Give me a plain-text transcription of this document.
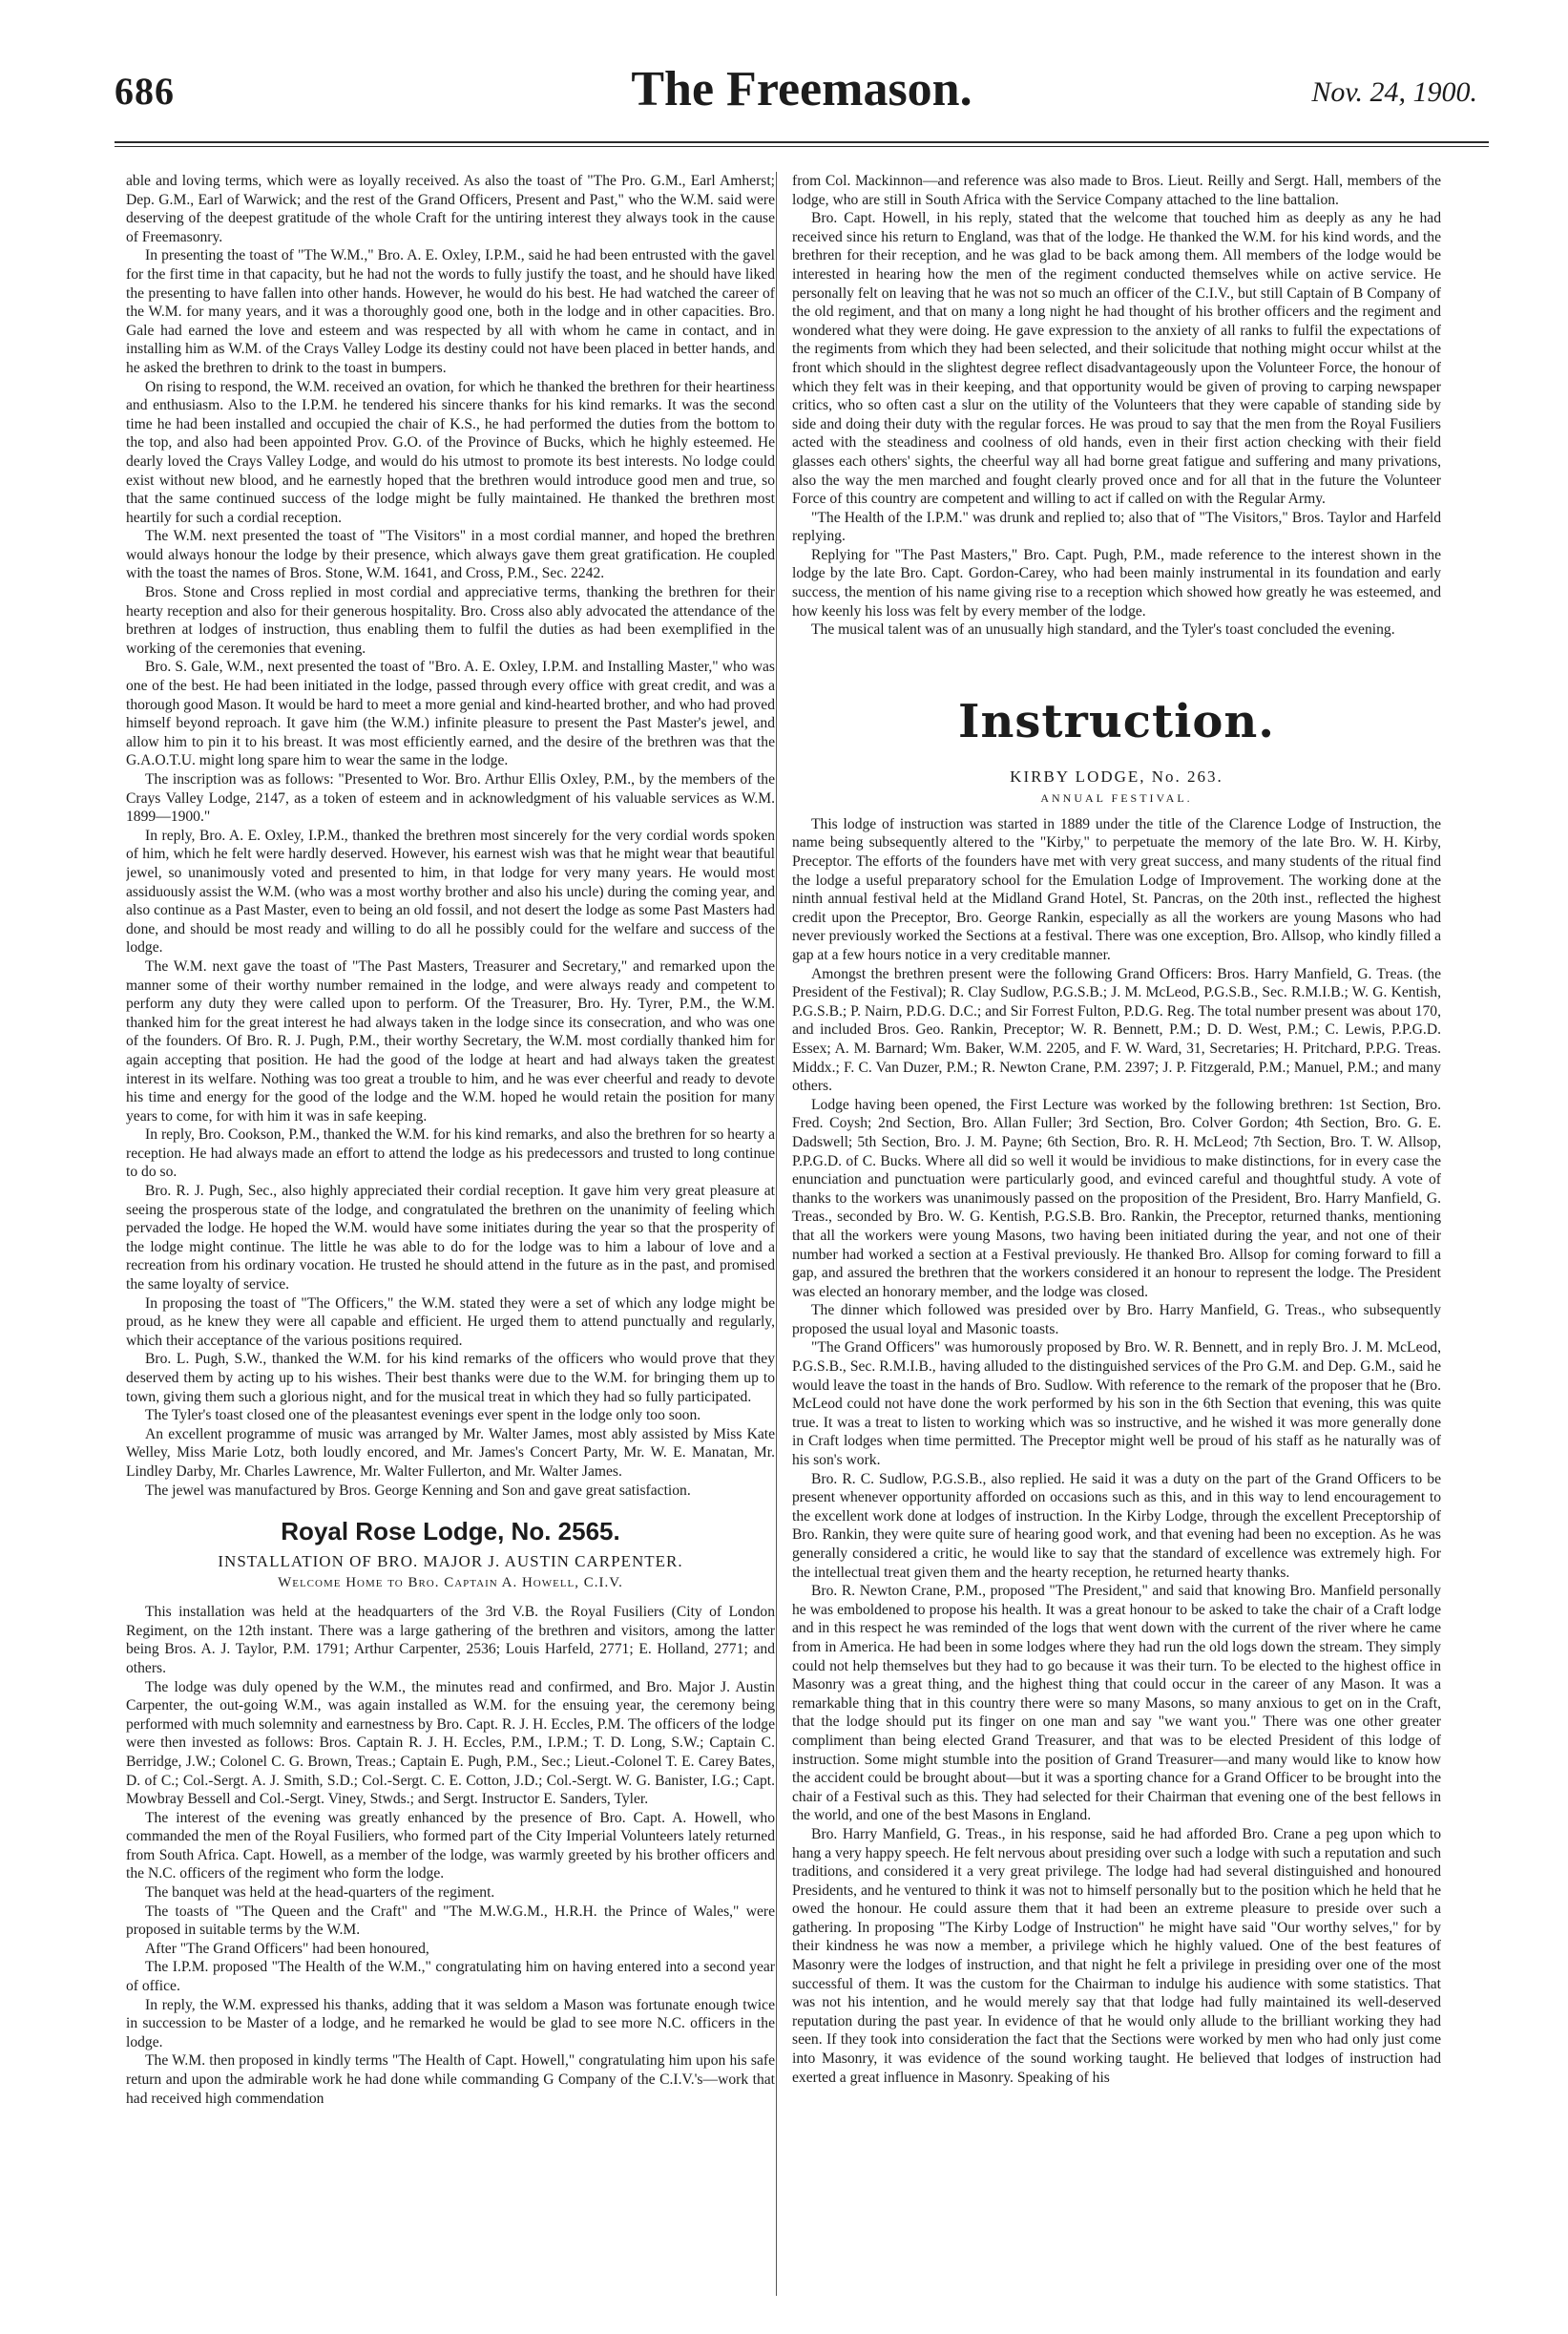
686	The Freemason.	Nov. 24, 1900.

able and loving terms, which were as loyally received. As also the toast of "The Pro. G.M., Earl Amherst; Dep. G.M., Earl of Warwick; and the rest of the Grand Officers, Present and Past," who the W.M. said were deserving of the deepest gratitude of the whole Craft for the untiring interest they always took in the cause of Freemasonry.

In presenting the toast of "The W.M.," Bro. A. E. Oxley, I.P.M., said he had been entrusted with the gavel for the first time in that capacity, but he had not the words to fully justify the toast, and he should have liked the presenting to have fallen into other hands. However, he would do his best. He had watched the career of the W.M. for many years, and it was a thoroughly good one, both in the lodge and in other capacities. Bro. Gale had earned the love and esteem and was respected by all with whom he came in contact, and in installing him as W.M. of the Crays Valley Lodge its destiny could not have been placed in better hands, and he asked the brethren to drink to the toast in bumpers.

On rising to respond, the W.M. received an ovation, for which he thanked the brethren for their heartiness and enthusiasm. Also to the I.P.M. he tendered his sincere thanks for his kind remarks. It was the second time he had been installed and occupied the chair of K.S., he had performed the duties from the bottom to the top, and also had been appointed Prov. G.O. of the Province of Bucks, which he highly esteemed. He dearly loved the Crays Valley Lodge, and would do his utmost to promote its best interests. No lodge could exist without new blood, and he earnestly hoped that the brethren would introduce good men and true, so that the same continued success of the lodge might be fully maintained. He thanked the brethren most heartily for such a cordial reception.

The W.M. next presented the toast of "The Visitors" in a most cordial manner, and hoped the brethren would always honour the lodge by their presence, which always gave them great gratification. He coupled with the toast the names of Bros. Stone, W.M. 1641, and Cross, P.M., Sec. 2242.

Bros. Stone and Cross replied in most cordial and appreciative terms, thanking the brethren for their hearty reception and also for their generous hospitality. Bro. Cross also ably advocated the attendance of the brethren at lodges of instruction, thus enabling them to fulfil the duties as had been exemplified in the working of the ceremonies that evening.

Bro. S. Gale, W.M., next presented the toast of "Bro. A. E. Oxley, I.P.M. and Installing Master," who was one of the best. He had been initiated in the lodge, passed through every office with great credit, and was a thorough good Mason. It would be hard to meet a more genial and kind-hearted brother, and who had proved himself beyond reproach. It gave him (the W.M.) infinite pleasure to present the Past Master's jewel, and allow him to pin it to his breast. It was most efficiently earned, and the desire of the brethren was that the G.A.O.T.U. might long spare him to wear the same in the lodge.

The inscription was as follows: "Presented to Wor. Bro. Arthur Ellis Oxley, P.M., by the members of the Crays Valley Lodge, 2147, as a token of esteem and in acknowledgment of his valuable services as W.M. 1899—1900."

In reply, Bro. A. E. Oxley, I.P.M., thanked the brethren most sincerely for the very cordial words spoken of him, which he felt were hardly deserved. However, his earnest wish was that he might wear that beautiful jewel, so unanimously voted and presented to him, in that lodge for very many years. He would most assiduously assist the W.M. (who was a most worthy brother and also his uncle) during the coming year, and also continue as a Past Master, even to being an old fossil, and not desert the lodge as some Past Masters had done, and should be most ready and willing to do all he possibly could for the welfare and success of the lodge.

The W.M. next gave the toast of "The Past Masters, Treasurer and Secretary," and remarked upon the manner some of their worthy number remained in the lodge, and were always ready and competent to perform any duty they were called upon to perform. Of the Treasurer, Bro. Hy. Tyrer, P.M., the W.M. thanked him for the great interest he had always taken in the lodge since its consecration, and who was one of the founders. Of Bro. R. J. Pugh, P.M., their worthy Secretary, the W.M. most cordially thanked him for again accepting that position. He had the good of the lodge at heart and had always taken the greatest interest in its welfare. Nothing was too great a trouble to him, and he was ever cheerful and ready to devote his time and energy for the good of the lodge and the W.M. hoped he would retain the position for many years to come, for with him it was in safe keeping.

In reply, Bro. Cookson, P.M., thanked the W.M. for his kind remarks, and also the brethren for so hearty a reception. He had always made an effort to attend the lodge as his predecessors and trusted to long continue to do so.

Bro. R. J. Pugh, Sec., also highly appreciated their cordial reception. It gave him very great pleasure at seeing the prosperous state of the lodge, and congratulated the brethren on the unanimity of feeling which pervaded the lodge. He hoped the W.M. would have some initiates during the year so that the prosperity of the lodge might continue. The little he was able to do for the lodge was to him a labour of love and a recreation from his ordinary vocation. He trusted he should attend in the future as in the past, and promised the same loyalty of service.

In proposing the toast of "The Officers," the W.M. stated they were a set of which any lodge might be proud, as he knew they were all capable and efficient. He urged them to attend punctually and regularly, which their acceptance of the various positions required.

Bro. L. Pugh, S.W., thanked the W.M. for his kind remarks of the officers who would prove that they deserved them by acting up to his wishes. Their best thanks were due to the W.M. for bringing them up to town, giving them such a glorious night, and for the musical treat in which they had so fully participated.

The Tyler's toast closed one of the pleasantest evenings ever spent in the lodge only too soon.

An excellent programme of music was arranged by Mr. Walter James, most ably assisted by Miss Kate Welley, Miss Marie Lotz, both loudly encored, and Mr. James's Concert Party, Mr. W. E. Manatan, Mr. Lindley Darby, Mr. Charles Lawrence, Mr. Walter Fullerton, and Mr. Walter James.

The jewel was manufactured by Bros. George Kenning and Son and gave great satisfaction.

Royal Rose Lodge, No. 2565.
INSTALLATION OF BRO. MAJOR J. AUSTIN CARPENTER.
Welcome Home to Bro. Captain A. Howell, C.I.V.

This installation was held at the headquarters of the 3rd V.B. the Royal Fusiliers (City of London Regiment, on the 12th instant. There was a large gathering of the brethren and visitors, among the latter being Bros. A. J. Taylor, P.M. 1791; Arthur Carpenter, 2536; Louis Harfeld, 2771; E. Holland, 2771; and others.

The lodge was duly opened by the W.M., the minutes read and confirmed, and Bro. Major J. Austin Carpenter, the out-going W.M., was again installed as W.M. for the ensuing year, the ceremony being performed with much solemnity and earnestness by Bro. Capt. R. J. H. Eccles, P.M. The officers of the lodge were then invested as follows: Bros. Captain R. J. H. Eccles, P.M., I.P.M.; T. D. Long, S.W.; Captain C. Berridge, J.W.; Colonel C. G. Brown, Treas.; Captain E. Pugh, P.M., Sec.; Lieut.-Colonel T. E. Carey Bates, D. of C.; Col.-Sergt. A. J. Smith, S.D.; Col.-Sergt. C. E. Cotton, J.D.; Col.-Sergt. W. G. Banister, I.G.; Capt. Mowbray Bessell and Col.-Sergt. Viney, Stwds.; and Sergt. Instructor E. Sanders, Tyler.

The interest of the evening was greatly enhanced by the presence of Bro. Capt. A. Howell, who commanded the men of the Royal Fusiliers, who formed part of the City Imperial Volunteers lately returned from South Africa. Capt. Howell, as a member of the lodge, was warmly greeted by his brother officers and the N.C. officers of the regiment who form the lodge.

The banquet was held at the head-quarters of the regiment.

The toasts of "The Queen and the Craft" and "The M.W.G.M., H.R.H. the Prince of Wales," were proposed in suitable terms by the W.M.

After "The Grand Officers" had been honoured,

The I.P.M. proposed "The Health of the W.M.," congratulating him on having entered into a second year of office.

In reply, the W.M. expressed his thanks, adding that it was seldom a Mason was fortunate enough twice in succession to be Master of a lodge, and he remarked he would be glad to see more N.C. officers in the lodge.

The W.M. then proposed in kindly terms "The Health of Capt. Howell," congratulating him upon his safe return and upon the admirable work he had done while commanding G Company of the C.I.V.'s—work that had received high commendation

from Col. Mackinnon—and reference was also made to Bros. Lieut. Reilly and Sergt. Hall, members of the lodge, who are still in South Africa with the Service Company attached to the line battalion.

Bro. Capt. Howell, in his reply, stated that the welcome that touched him as deeply as any he had received since his return to England, was that of the lodge. He thanked the W.M. for his kind words, and the brethren for their reception, and he was glad to be back among them. All members of the lodge would be interested in hearing how the men of the regiment conducted themselves while on active service. He personally felt on leaving that he was not so much an officer of the C.I.V., but still Captain of B Company of the old regiment, and that on many a long night he had thought of his brother officers and the regiment and wondered what they were doing. He gave expression to the anxiety of all ranks to fulfil the expectations of the regiments from which they had been selected, and their solicitude that nothing might occur whilst at the front which should in the slightest degree reflect disadvantageously upon the Volunteer Force, the honour of which they felt was in their keeping, and that opportunity would be given of proving to carping newspaper critics, who so often cast a slur on the utility of the Volunteers that they were capable of standing side by side and doing their duty with the regular forces. He was proud to say that the men from the Royal Fusiliers acted with the steadiness and coolness of old hands, even in their first action checking with their field glasses each others' sights, the cheerful way all had borne great fatigue and suffering and many privations, also the way the men marched and fought clearly proved once and for all that in the future the Volunteer Force of this country are competent and willing to act if called on with the Regular Army.

"The Health of the I.P.M." was drunk and replied to; also that of "The Visitors," Bros. Taylor and Harfeld replying.

Replying for "The Past Masters," Bro. Capt. Pugh, P.M., made reference to the interest shown in the lodge by the late Bro. Capt. Gordon-Carey, who had been mainly instrumental in its foundation and early success, the mention of his name giving rise to a reception which showed how greatly he was esteemed, and how keenly his loss was felt by every member of the lodge.

The musical talent was of an unusually high standard, and the Tyler's toast concluded the evening.

Instruction.
KIRBY LODGE, No. 263.
ANNUAL FESTIVAL.

This lodge of instruction was started in 1889 under the title of the Clarence Lodge of Instruction, the name being subsequently altered to the "Kirby," to perpetuate the memory of the late Bro. W. H. Kirby, Preceptor. The efforts of the founders have met with very great success, and many students of the ritual find the lodge a useful preparatory school for the Emulation Lodge of Improvement. The working done at the ninth annual festival held at the Midland Grand Hotel, St. Pancras, on the 20th inst., reflected the highest credit upon the Preceptor, Bro. George Rankin, especially as all the workers are young Masons who had never previously worked the Sections at a festival. There was one exception, Bro. Allsop, who kindly filled a gap at a few hours notice in a very creditable manner.

Amongst the brethren present were the following Grand Officers: Bros. Harry Manfield, G. Treas. (the President of the Festival); R. Clay Sudlow, P.G.S.B.; J. M. McLeod, P.G.S.B., Sec. R.M.I.B.; W. G. Kentish, P.G.S.B.; P. Nairn, P.D.G. D.C.; and Sir Forrest Fulton, P.D.G. Reg. The total number present was about 170, and included Bros. Geo. Rankin, Preceptor; W. R. Bennett, P.M.; D. D. West, P.M.; C. Lewis, P.P.G.D. Essex; A. M. Barnard; Wm. Baker, W.M. 2205, and F. W. Ward, 31, Secretaries; H. Pritchard, P.P.G. Treas. Middx.; F. C. Van Duzer, P.M.; R. Newton Crane, P.M. 2397; J. P. Fitzgerald, P.M.; Manuel, P.M.; and many others.

Lodge having been opened, the First Lecture was worked by the following brethren: 1st Section, Bro. Fred. Coysh; 2nd Section, Bro. Allan Fuller; 3rd Section, Bro. Colver Gordon; 4th Section, Bro. G. E. Dadswell; 5th Section, Bro. J. M. Payne; 6th Section, Bro. R. H. McLeod; 7th Section, Bro. T. W. Allsop, P.P.G.D. of C. Bucks. Where all did so well it would be invidious to make distinctions, for in every case the enunciation and punctuation were particularly good, and evinced careful and thoughtful study. A vote of thanks to the workers was unanimously passed on the proposition of the President, Bro. Harry Manfield, G. Treas., seconded by Bro. W. G. Kentish, P.G.S.B. Bro. Rankin, the Preceptor, returned thanks, mentioning that all the workers were young Masons, two having been initiated during the year, and not one of their number had worked a section at a Festival previously. He thanked Bro. Allsop for coming forward to fill a gap, and assured the brethren that the workers considered it an honour to represent the lodge. The President was elected an honorary member, and the lodge was closed.

The dinner which followed was presided over by Bro. Harry Manfield, G. Treas., who subsequently proposed the usual loyal and Masonic toasts.

"The Grand Officers" was humorously proposed by Bro. W. R. Bennett, and in reply Bro. J. M. McLeod, P.G.S.B., Sec. R.M.I.B., having alluded to the distinguished services of the Pro G.M. and Dep. G.M., said he would leave the toast in the hands of Bro. Sudlow. With reference to the remark of the proposer that he (Bro. McLeod could not have done the work performed by his son in the 6th Section that evening, this was quite true. It was a treat to listen to working which was so instructive, and he wished it was more generally done in Craft lodges when time permitted. The Preceptor might well be proud of his staff as he naturally was of his son's work.

Bro. R. C. Sudlow, P.G.S.B., also replied. He said it was a duty on the part of the Grand Officers to be present whenever opportunity afforded on occasions such as this, and in this way to lend encouragement to the excellent work done at lodges of instruction. In the Kirby Lodge, through the excellent Preceptorship of Bro. Rankin, they were quite sure of hearing good work, and that evening had been no exception. As he was generally considered a critic, he would like to say that the standard of excellence was extremely high. For the intellectual treat given them and the hearty reception, he returned hearty thanks.

Bro. R. Newton Crane, P.M., proposed "The President," and said that knowing Bro. Manfield personally he was emboldened to propose his health. It was a great honour to be asked to take the chair of a Craft lodge and in this respect he was reminded of the logs that went down with the current of the river where he came from in America. He had been in some lodges where they had run the old logs down the stream. They simply could not help themselves but they had to go because it was their turn. To be elected to the highest office in Masonry was a great thing, and the highest thing that could occur in the career of any Mason. It was a remarkable thing that in this country there were so many Masons, so many anxious to get on in the Craft, that the lodge should put its finger on one man and say "we want you." There was one other greater compliment than being elected Grand Treasurer, and that was to be elected President of this lodge of instruction. Some might stumble into the position of Grand Treasurer—and many would like to know how the accident could be brought about—but it was a sporting chance for a Grand Officer to be brought into the chair of a Festival such as this. They had selected for their Chairman that evening one of the best fellows in the world, and one of the best Masons in England.

Bro. Harry Manfield, G. Treas., in his response, said he had afforded Bro. Crane a peg upon which to hang a very happy speech. He felt nervous about presiding over such a lodge with such a reputation and such traditions, and considered it a very great privilege. The lodge had had several distinguished and honoured Presidents, and he ventured to think it was not to himself personally but to the position which he held that he owed the honour. He could assure them that it had been an extreme pleasure to preside over such a gathering. In proposing "The Kirby Lodge of Instruction" he might have said "Our worthy selves," for by their kindness he was now a member, a privilege which he highly valued. One of the best features of Masonry were the lodges of instruction, and that night he felt a privilege in presiding over one of the most successful of them. It was the custom for the Chairman to indulge his audience with some statistics. That was not his intention, and he would merely say that that lodge had fully maintained its well-deserved reputation during the past year. In evidence of that he would only allude to the brilliant working they had seen. If they took into consideration the fact that the Sections were worked by men who had only just come into Masonry, it was evidence of the sound working taught. He believed that lodges of instruction had exerted a great influence in Masonry. Speaking of his
